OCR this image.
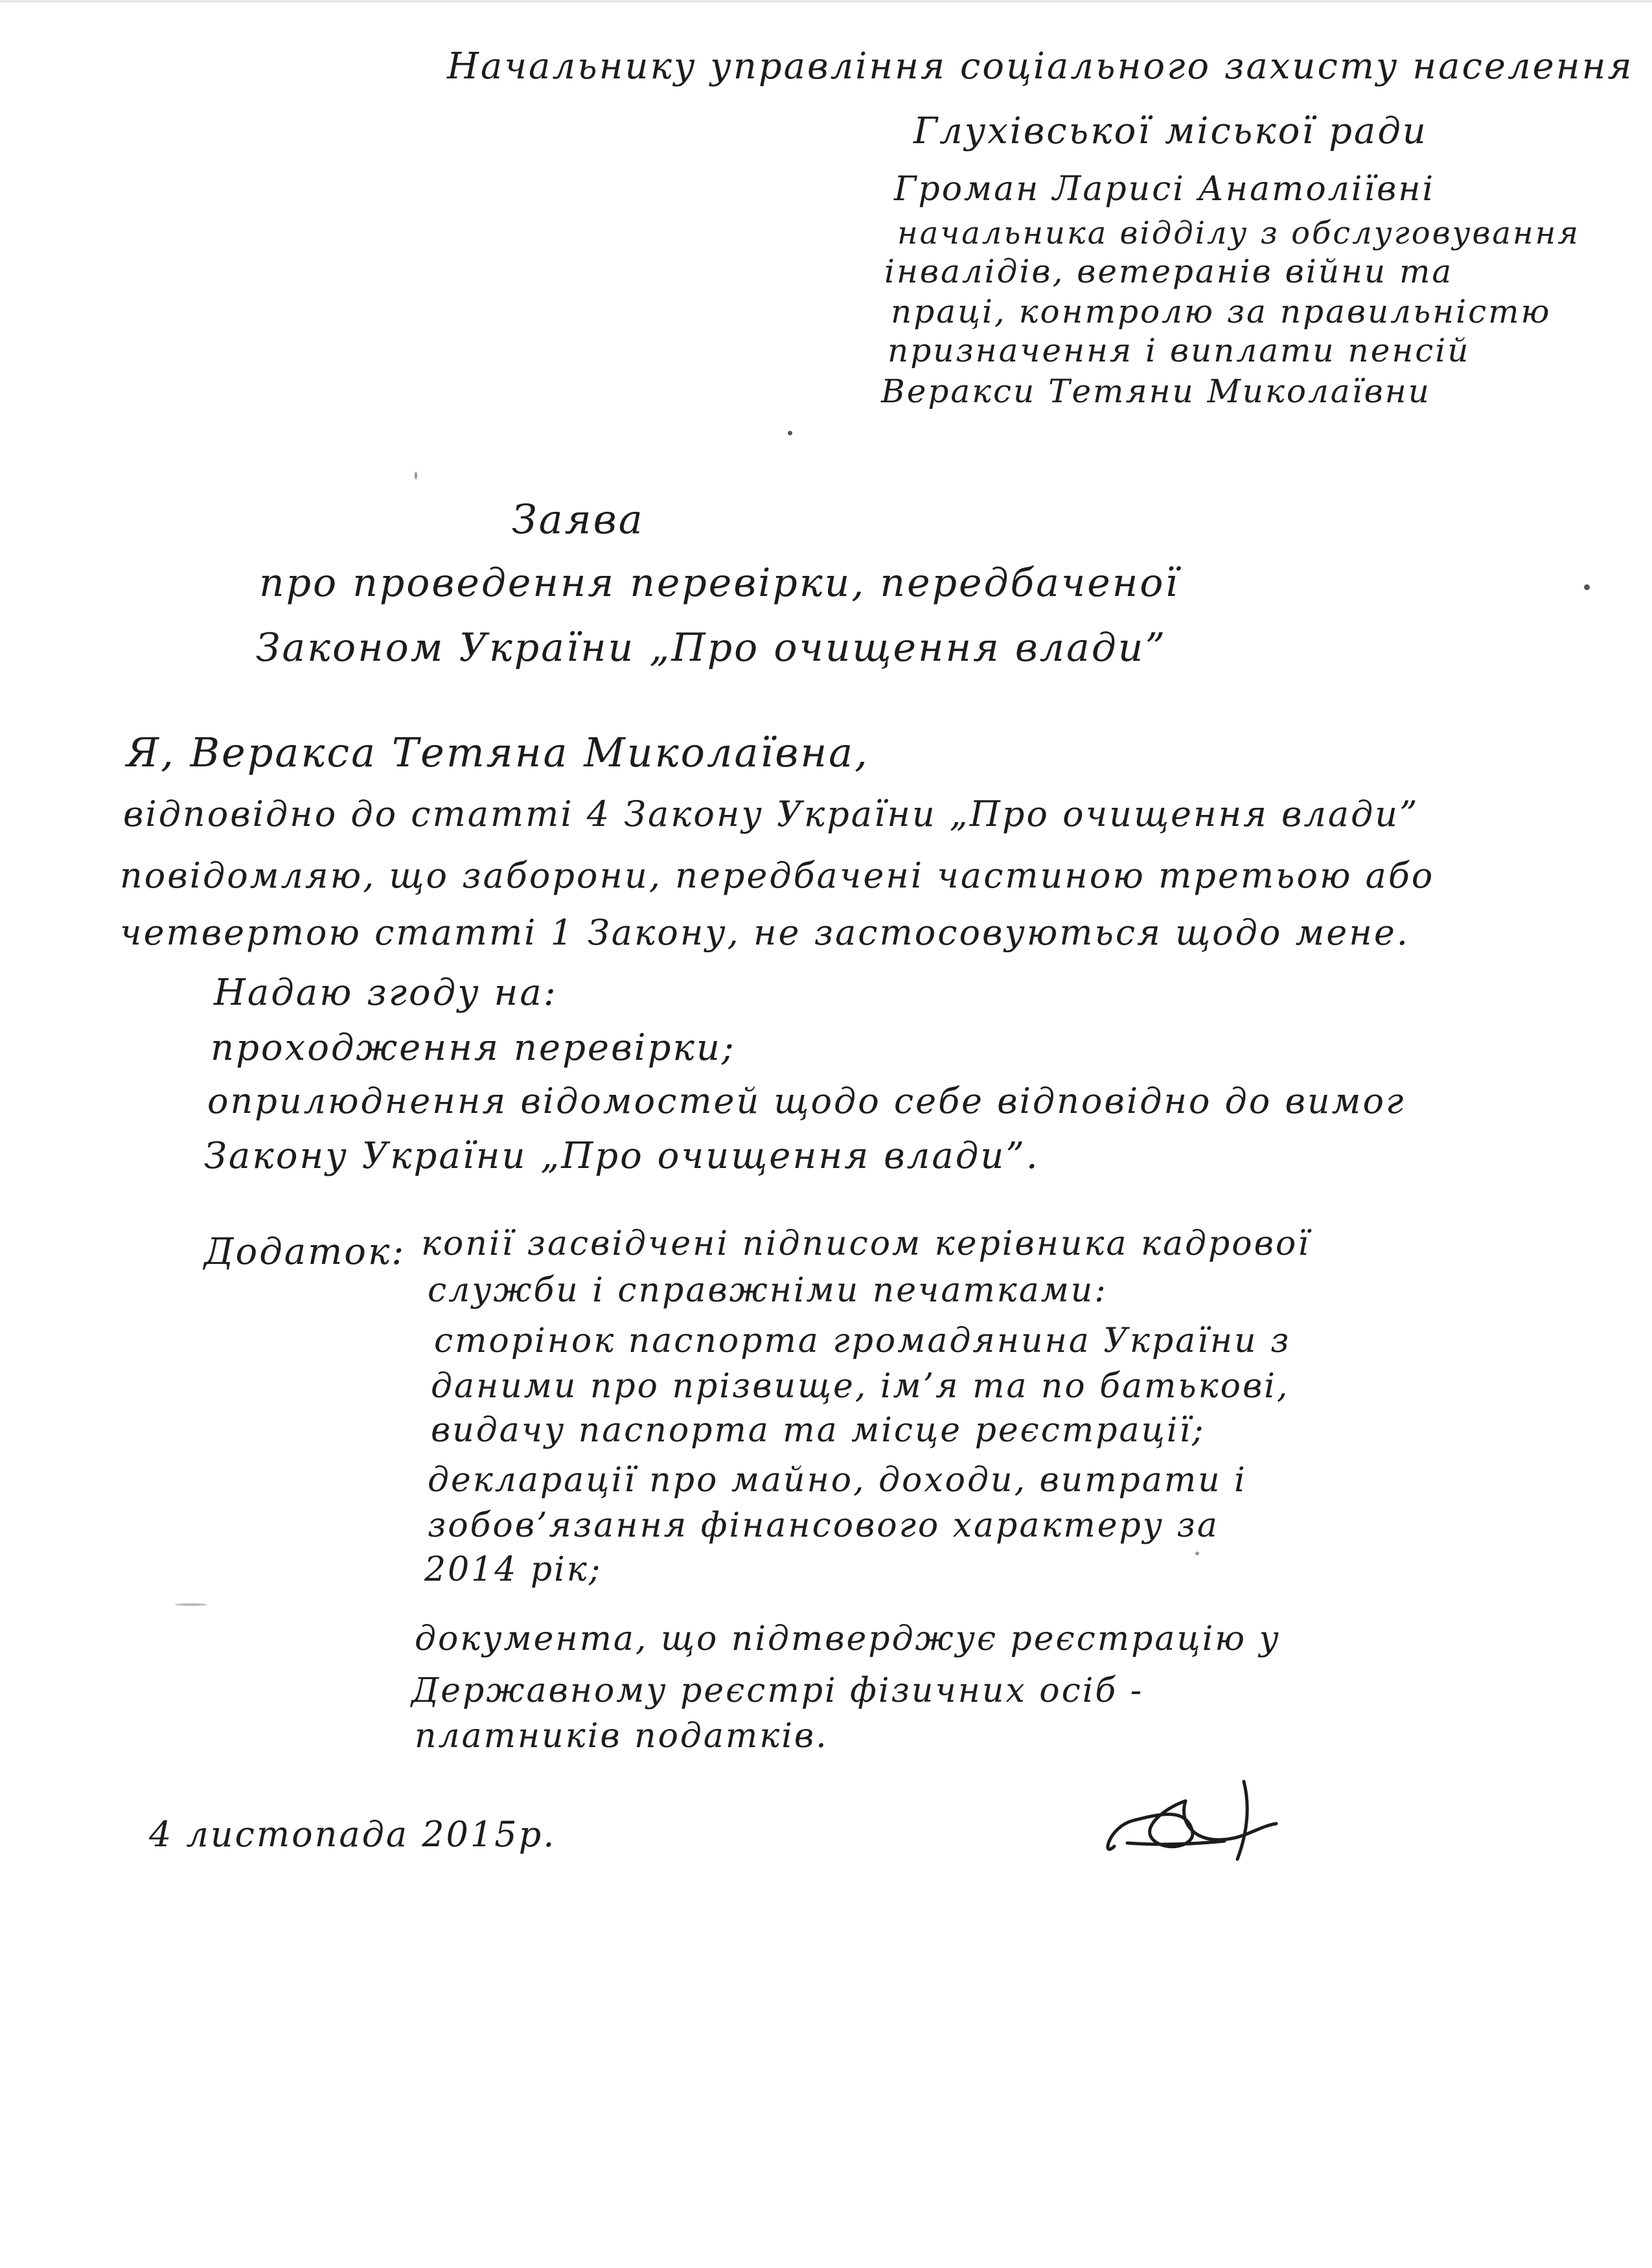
Начальнику управління соціального захисту населення
Глухівської міської ради
Громан Ларисі Анатоліївні
начальника відділу з обслуговування
інвалідів, ветеранів війни та
праці, контролю за правильністю
призначення і виплати пенсій
Веракси Тетяни Миколаївни
Заява
про проведення перевірки, передбаченої
Законом України „Про очищення влади”
Я, Веракса Тетяна Миколаївна,
відповідно до статті 4 Закону України „Про очищення влади”
повідомляю, що заборони, передбачені частиною третьою або
четвертою статті 1 Закону, не застосовуються щодо мене.
Надаю згоду на:
проходження перевірки;
оприлюднення відомостей щодо себе відповідно до вимог
Закону України „Про очищення влади”.
Додаток: копії засвідчені підписом керівника кадрової
служби і справжніми печатками:
сторінок паспорта громадянина України з
даними про прізвище, ім’я та по батькові,
видачу паспорта та місце реєстрації;
декларації про майно, доходи, витрати і
зобов’язання фінансового характеру за
2014 рік;
документа, що підтверджує реєстрацію у
Державному реєстрі фізичних осіб -
платників податків.
4 листопада 2015р.
